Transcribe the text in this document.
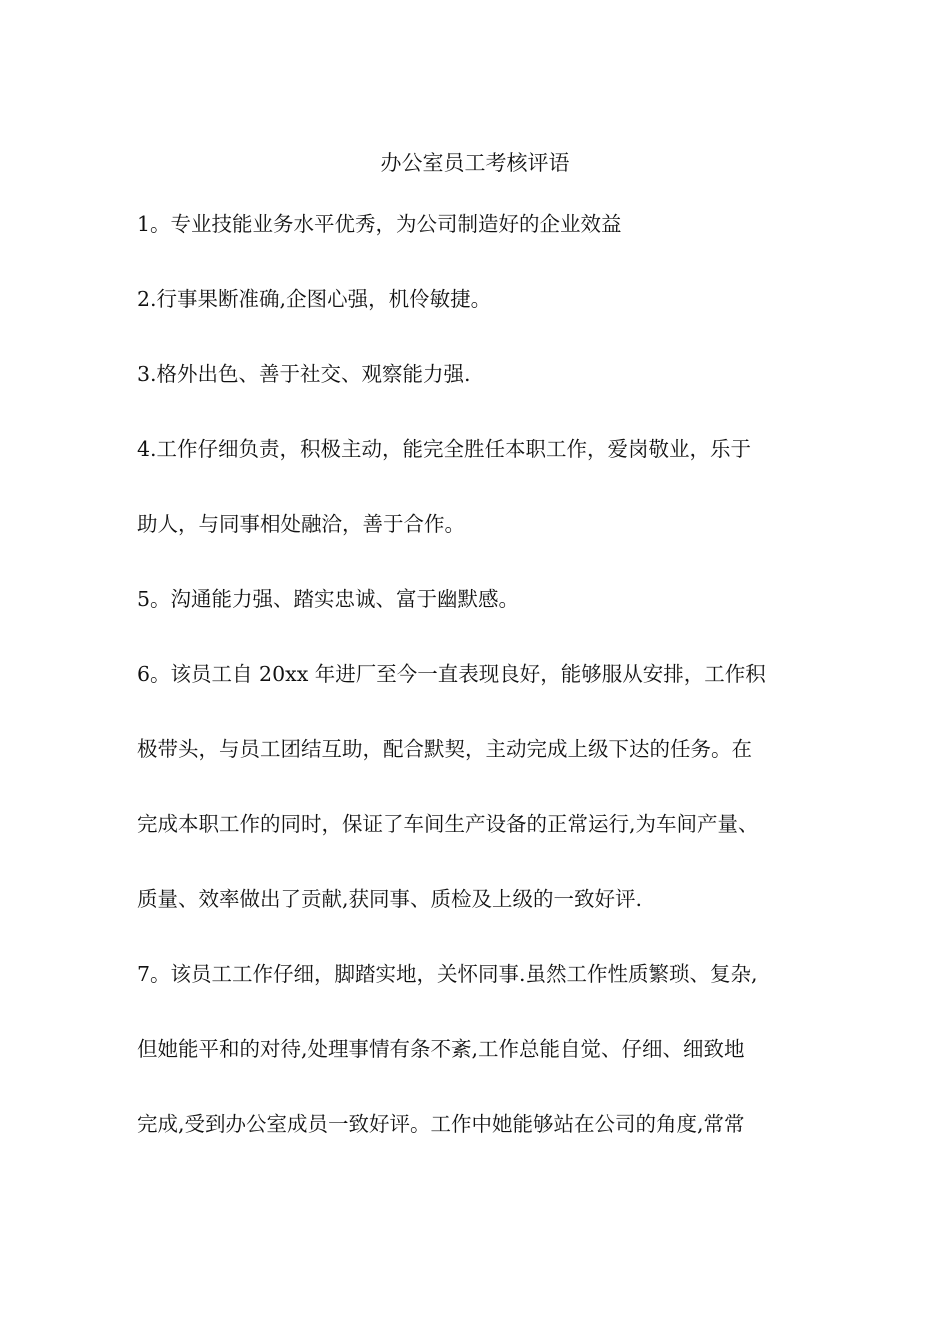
办公室员工考核评语

1。专业技能业务水平优秀，为公司制造好的企业效益

2.行事果断准确,企图心强，机伶敏捷。

3.格外出色、善于社交、观察能力强.

4.工作仔细负责，积极主动，能完全胜任本职工作，爱岗敬业，乐于

助人，与同事相处融洽，善于合作。

5。沟通能力强、踏实忠诚、富于幽默感。

6。该员工自 20xx 年进厂至今一直表现良好，能够服从安排，工作积

极带头，与员工团结互助，配合默契，主动完成上级下达的任务。在

完成本职工作的同时，保证了车间生产设备的正常运行,为车间产量、

质量、效率做出了贡献,获同事、质检及上级的一致好评.

7。该员工工作仔细，脚踏实地，关怀同事.虽然工作性质繁琐、复杂,

但她能平和的对待,处理事情有条不紊,工作总能自觉、仔细、细致地

完成,受到办公室成员一致好评。工作中她能够站在公司的角度,常常
